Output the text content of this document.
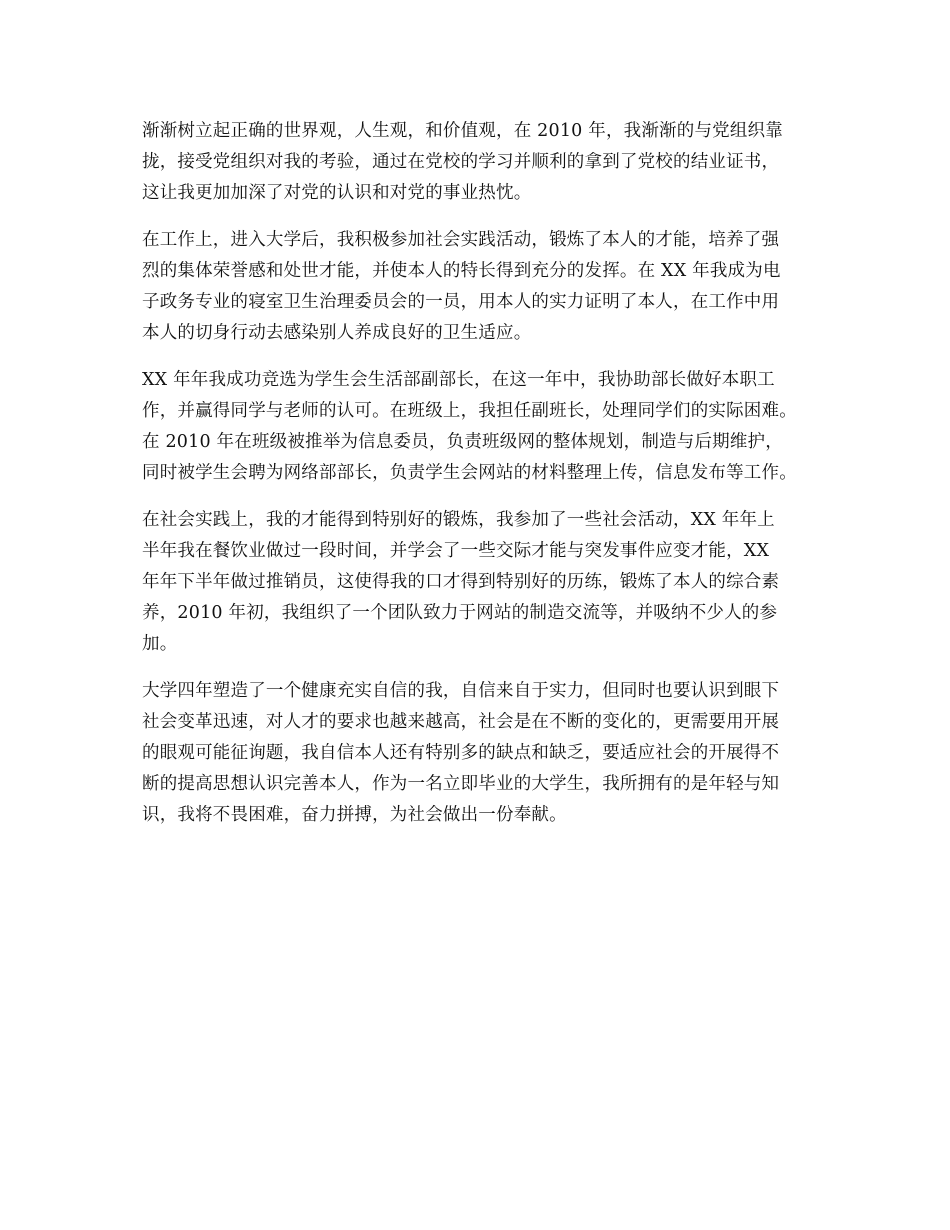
渐渐树立起正确的世界观，人生观，和价值观，在 2010 年，我渐渐的与党组织靠
拢，接受党组织对我的考验，通过在党校的学习并顺利的拿到了党校的结业证书，
这让我更加加深了对党的认识和对党的事业热忱。

在工作上，进入大学后，我积极参加社会实践活动，锻炼了本人的才能，培养了强
烈的集体荣誉感和处世才能，并使本人的特长得到充分的发挥。在 XX 年我成为电
子政务专业的寝室卫生治理委员会的一员，用本人的实力证明了本人，在工作中用
本人的切身行动去感染别人养成良好的卫生适应。

XX 年年我成功竞选为学生会生活部副部长，在这一年中，我协助部长做好本职工
作，并赢得同学与老师的认可。在班级上，我担任副班长，处理同学们的实际困难。
在 2010 年在班级被推举为信息委员，负责班级网的整体规划，制造与后期维护，
同时被学生会聘为网络部部长，负责学生会网站的材料整理上传，信息发布等工作。

在社会实践上，我的才能得到特别好的锻炼，我参加了一些社会活动，XX 年年上
半年我在餐饮业做过一段时间，并学会了一些交际才能与突发事件应变才能，XX
年年下半年做过推销员，这使得我的口才得到特别好的历练，锻炼了本人的综合素
养，2010 年初，我组织了一个团队致力于网站的制造交流等，并吸纳不少人的参
加。

大学四年塑造了一个健康充实自信的我，自信来自于实力，但同时也要认识到眼下
社会变革迅速，对人才的要求也越来越高，社会是在不断的变化的，更需要用开展
的眼观可能征询题，我自信本人还有特别多的缺点和缺乏，要适应社会的开展得不
断的提高思想认识完善本人，作为一名立即毕业的大学生，我所拥有的是年轻与知
识，我将不畏困难，奋力拼搏，为社会做出一份奉献。
